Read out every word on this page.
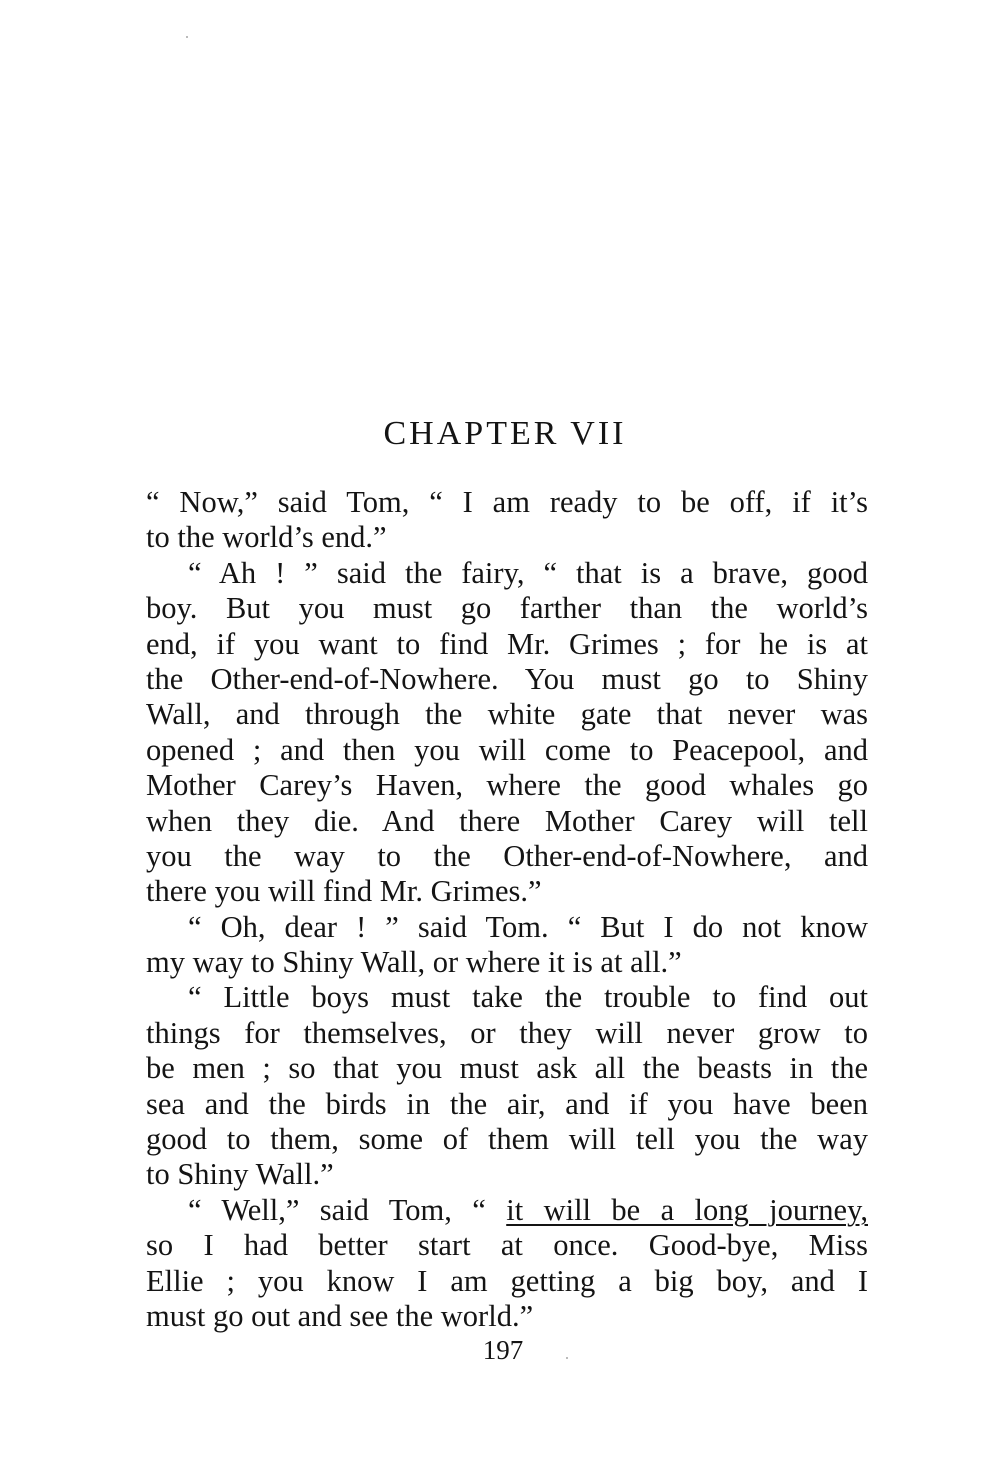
CHAPTER VII
“ Now,” said Tom, “ I am ready to be off, if it’s
to the world’s end.”
“ Ah ! ” said the fairy, “ that is a brave, good
boy. But you must go farther than the world’s
end, if you want to find Mr. Grimes ; for he is at
the Other-end-of-Nowhere. You must go to Shiny
Wall, and through the white gate that never was
opened ; and then you will come to Peacepool, and
Mother Carey’s Haven, where the good whales go
when they die. And there Mother Carey will tell
you the way to the Other-end-of-Nowhere, and
there you will find Mr. Grimes.”
“ Oh, dear ! ” said Tom. “ But I do not know
my way to Shiny Wall, or where it is at all.”
“ Little boys must take the trouble to find out
things for themselves, or they will never grow to
be men ; so that you must ask all the beasts in the
sea and the birds in the air, and if you have been
good to them, some of them will tell you the way
to Shiny Wall.”
“ Well,” said Tom, “ it will be a long journey,
so I had better start at once. Good-bye, Miss
Ellie ; you know I am getting a big boy, and I
must go out and see the world.”
197
